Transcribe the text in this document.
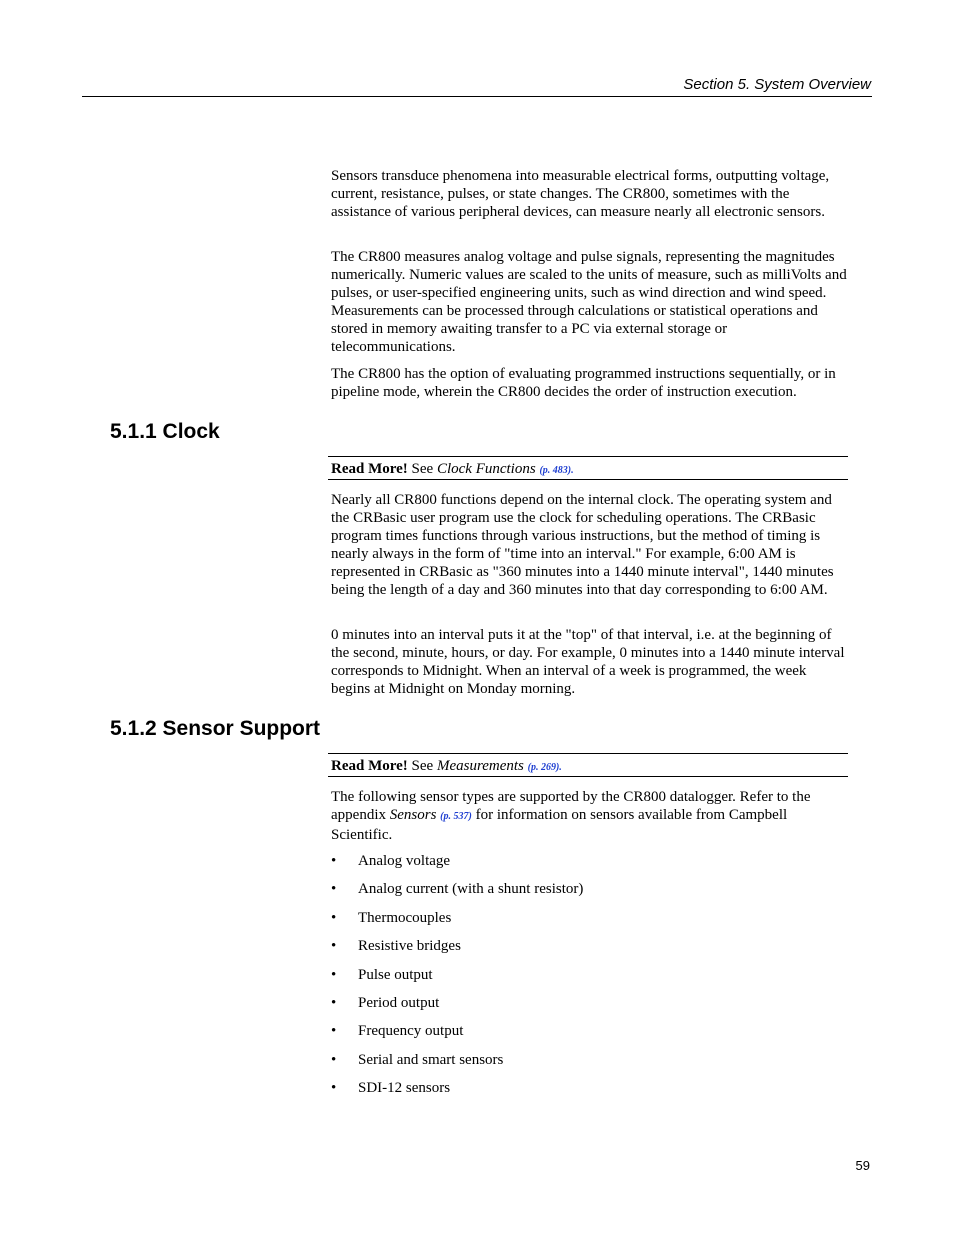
Section 5. System Overview

Sensors transduce phenomena into measurable electrical forms, outputting voltage, current, resistance, pulses, or state changes. The CR800, sometimes with the assistance of various peripheral devices, can measure nearly all electronic sensors.

The CR800 measures analog voltage and pulse signals, representing the magnitudes numerically. Numeric values are scaled to the units of measure, such as milliVolts and pulses, or user-specified engineering units, such as wind direction and wind speed. Measurements can be processed through calculations or statistical operations and stored in memory awaiting transfer to a PC via external storage or telecommunications.

The CR800 has the option of evaluating programmed instructions sequentially, or in pipeline mode, wherein the CR800 decides the order of instruction execution.

5.1.1 Clock
Read More! See Clock Functions (p. 483).

Nearly all CR800 functions depend on the internal clock. The operating system and the CRBasic user program use the clock for scheduling operations. The CRBasic program times functions through various instructions, but the method of timing is nearly always in the form of "time into an interval." For example, 6:00 AM is represented in CRBasic as "360 minutes into a 1440 minute interval", 1440 minutes being the length of a day and 360 minutes into that day corresponding to 6:00 AM.

0 minutes into an interval puts it at the "top" of that interval, i.e. at the beginning of the second, minute, hours, or day. For example, 0 minutes into a 1440 minute interval corresponds to Midnight. When an interval of a week is programmed, the week begins at Midnight on Monday morning.

5.1.2 Sensor Support
Read More! See Measurements (p. 269).

The following sensor types are supported by the CR800 datalogger. Refer to the appendix Sensors (p. 537) for information on sensors available from Campbell Scientific.

• Analog voltage
• Analog current (with a shunt resistor)
• Thermocouples
• Resistive bridges
• Pulse output
• Period output
• Frequency output
• Serial and smart sensors
• SDI-12 sensors
59
